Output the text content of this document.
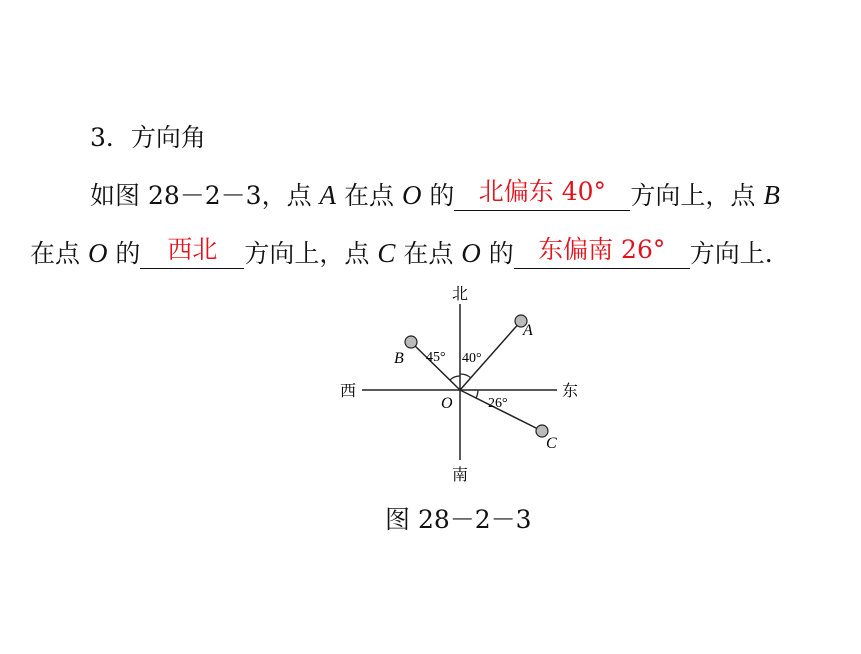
3．方向角
如图 28－2－3，点 A 在点 O 的 北偏东 40° 方向上，点 B
在点 O 的	西北	方向上，点 C 在点 O 的 东偏南 26° 方向上.
北
南
东
西
O
A
B
C
40°
45°
26°
图 28－2－3
